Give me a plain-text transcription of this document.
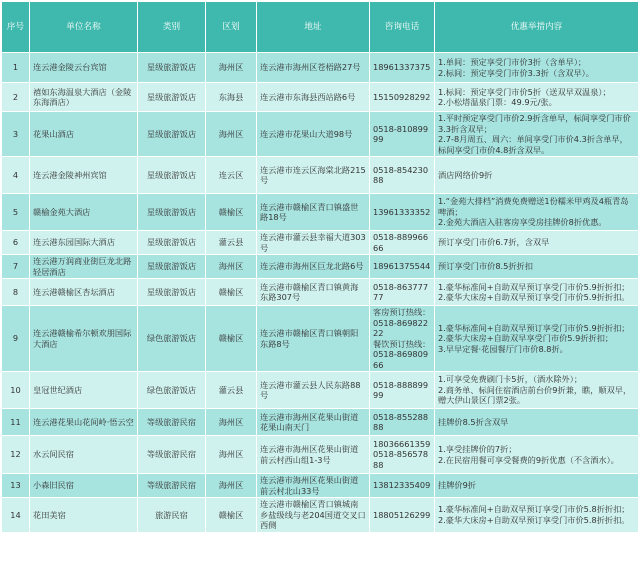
序号	单位名称	类别	区划	地址	咨询电话	优惠举措内容
1	连云港金陵云台宾馆	星级旅游饭店	海州区	连云港市海州区苍梧路27号	18961337375	1.单间：预定享受门市价3折（含单早）；
2.标间：预定享受门市价3.3折（含双早）。
2	禧如东海温泉大酒店（金陵东海酒店）	星级旅游饭店	东海县	连云港市东海县西站路6号	15150928292	1.标间：预定享受门市价5折（送双早双温泉）；
2.小松塔温泉门票：49.9元/张。
3	花果山酒店	星级旅游饭店	海州区	连云港市花果山大道98号	0518-81089999	1.平时预定享受门市价2.9折含单早，标间享受门市价3.3折含双早；
2.7-8月周五、周六：单间享受门市价4.3折含单早，标间享受门市价4.8折含双早。
4	连云港金陵神州宾馆	星级旅游饭店	连云区	连云港市连云区海棠北路215号	0518-85423088	酒店网络价9折
5	赣榆金苑大酒店	星级旅游饭店	赣榆区	连云港市赣榆区青口镇盛世路18号	13961333352	1.“金苑大排档”消费免费赠送1份糯米甲鸡及4瓶青岛啤酒；
2.金苑大酒店入驻客房享受房挂牌价8折优惠。
6	连云港东园国际大酒店	星级旅游饭店	灌云县	连云港市灌云县幸福大道303号	0518-88996666	预订享受门市价6.7折，含双早
7	连云港万润商业街巨龙北路轻居酒店	星级旅游饭店	海州区	连云港市海州区巨龙北路6号	18961375544	预订享受门市价8.5折折扣
8	连云港赣榆区杏坛酒店	星级旅游饭店	赣榆区	连云港市赣榆区青口镇黄海东路307号	0518-86377777	1.豪华标准间+自助双早预订享受门市价5.9折折扣；
2.豪华大床房+自助双早预订享受门市价5.9折折扣。
9	连云港赣榆希尔顿欢朋国际大酒店	绿色旅游饭店	赣榆区	连云港市赣榆区青口镇朝阳东路8号	客房预订热线：
0518-86982222
餐饮预订热线：
0518-86980966	1.豪华标准间+自助双早预订享受门市价5.9折折扣；
2.豪华大床房+自助双早享受门市价5.9折折扣；
3.早早定餐·花园餐厅门市价8.8折。
10	皇冠世纪酒店	绿色旅游饭店	灌云县	连云港市灌云县人民东路88号	0518-88889999	1.可享受免费刷门卡5折，（酒水除外）；
2.商务单、标间住宿酒店前台价9折兼，瞧，顺双早，赠大伊山景区门票2张。
11	连云港花果山花间岭·悟云空	等级旅游民宿	海州区	连云港市海州区花果山街道花果山南天门	0518-85528888	挂牌价8.5折含双早
12	水云间民宿	等级旅游民宿	海州区	连云港市海州区花果山街道前云村西山组1-3号	18036661359
0518-85657888	1.享受挂牌价的7折；
2.在民宿用餐可享受餐费的9折优惠（不含酒水）。
13	小森旧民宿	等级旅游民宿	海州区	连云港市海州区花果山街道前云村北山33号	13812335409	挂牌价9折
14	花田美宿	旅游民宿	赣榆区	连云港市赣榆区青口镇城南乡盐级线与老204国道交叉口西侧	18805126299	1.豪华标准间+自助双早预订享受门市价5.8折折扣；
2.豪华大床房+自助双早预订享受门市价5.8折折扣。
